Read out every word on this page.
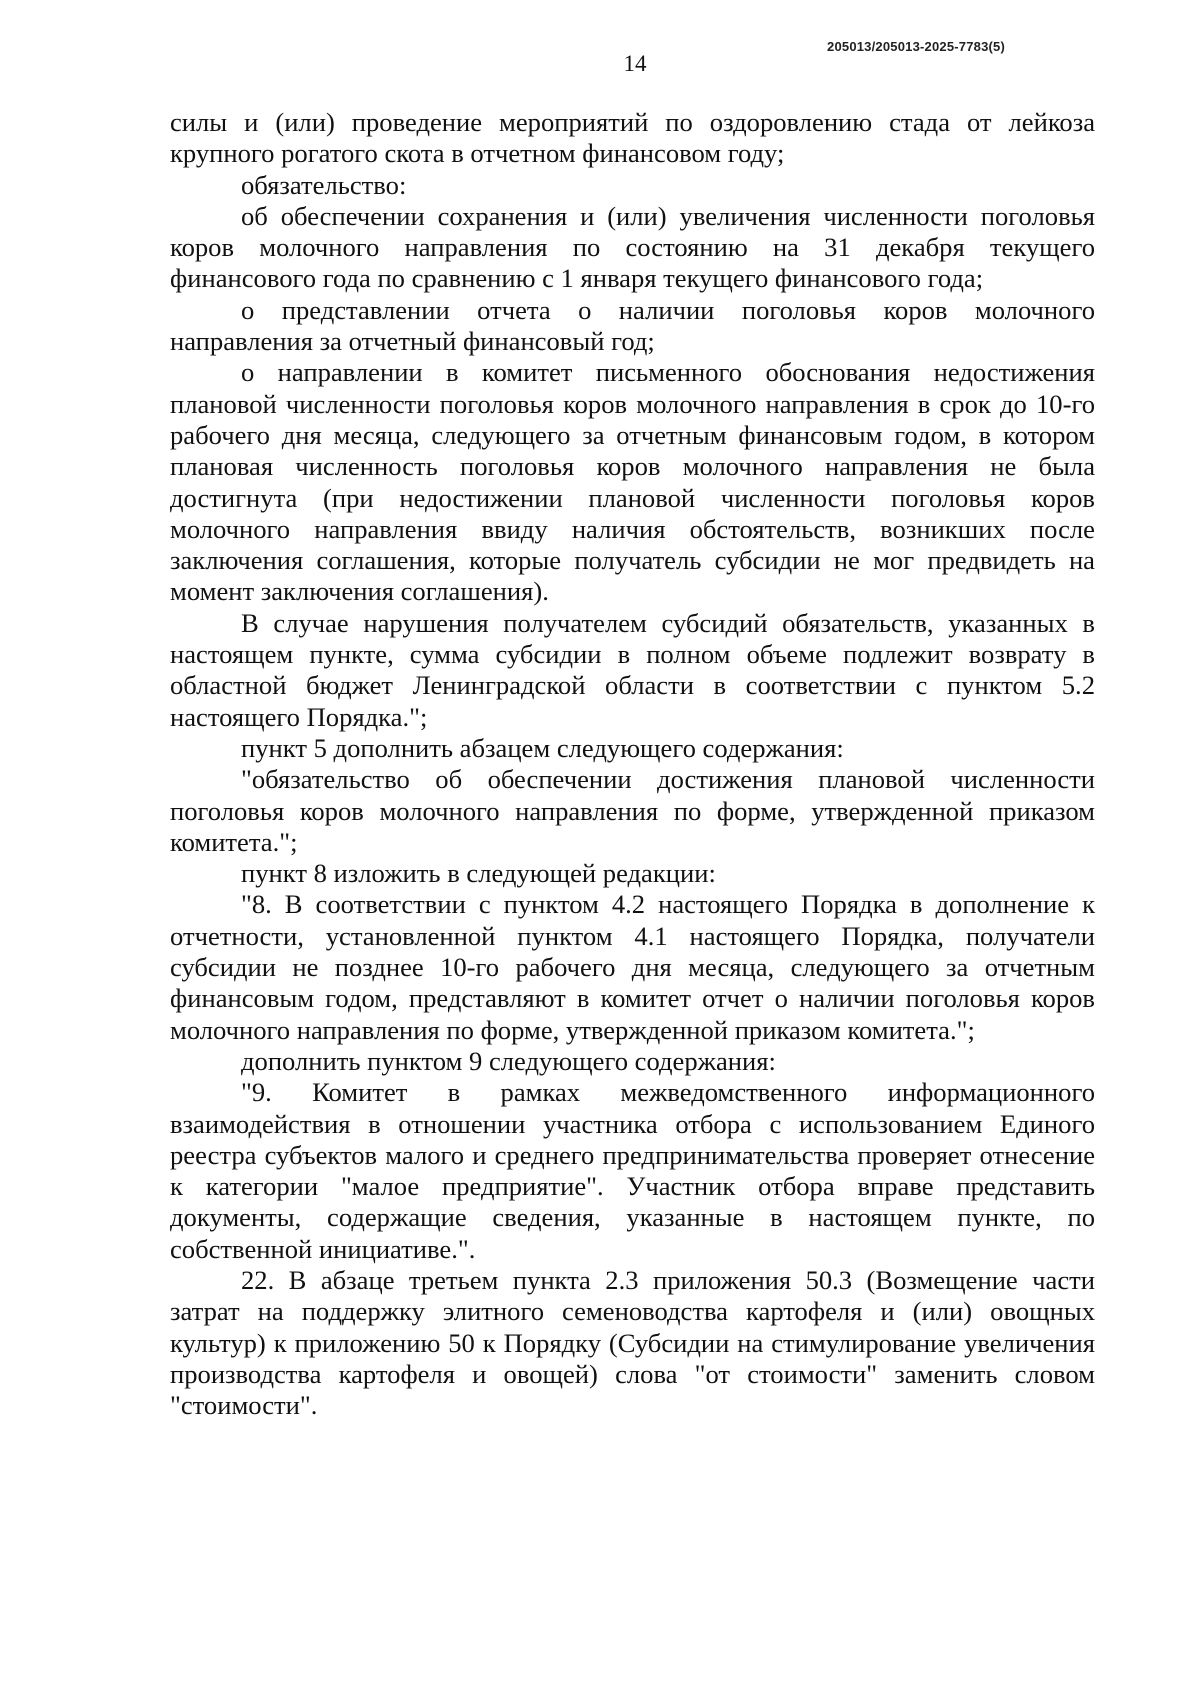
205013/205013-2025-7783(5)
14

силы и (или) проведение мероприятий по оздоровлению стада от лейкоза крупного рогатого скота в отчетном финансовом году;

обязательство:

об обеспечении сохранения и (или) увеличения численности поголовья коров молочного направления по состоянию на 31 декабря текущего финансового года по сравнению с 1 января текущего финансового года;

о представлении отчета о наличии поголовья коров молочного направления за отчетный финансовый год;

о направлении в комитет письменного обоснования недостижения плановой численности поголовья коров молочного направления в срок до 10-го рабочего дня месяца, следующего за отчетным финансовым годом, в котором плановая численность поголовья коров молочного направления не была достигнута (при недостижении плановой численности поголовья коров молочного направления ввиду наличия обстоятельств, возникших после заключения соглашения, которые получатель субсидии не мог предвидеть на момент заключения соглашения).

В случае нарушения получателем субсидий обязательств, указанных в настоящем пункте, сумма субсидии в полном объеме подлежит возврату в областной бюджет Ленинградской области в соответствии с пунктом 5.2 настоящего Порядка.";

пункт 5 дополнить абзацем следующего содержания:

"обязательство об обеспечении достижения плановой численности поголовья коров молочного направления по форме, утвержденной приказом комитета.";

пункт 8 изложить в следующей редакции:

"8. В соответствии с пунктом 4.2 настоящего Порядка в дополнение к отчетности, установленной пунктом 4.1 настоящего Порядка, получатели субсидии не позднее 10-го рабочего дня месяца, следующего за отчетным финансовым годом, представляют в комитет отчет о наличии поголовья коров молочного направления по форме, утвержденной приказом комитета.";

дополнить пунктом 9 следующего содержания:

"9. Комитет в рамках межведомственного информационного взаимодействия в отношении участника отбора с использованием Единого реестра субъектов малого и среднего предпринимательства проверяет отнесение к категории "малое предприятие". Участник отбора вправе представить документы, содержащие сведения, указанные в настоящем пункте, по собственной инициативе.".

22. В абзаце третьем пункта 2.3 приложения 50.3 (Возмещение части затрат на поддержку элитного семеноводства картофеля и (или) овощных культур) к приложению 50 к Порядку (Субсидии на стимулирование увеличения производства картофеля и овощей) слова "от стоимости" заменить словом "стоимости".
